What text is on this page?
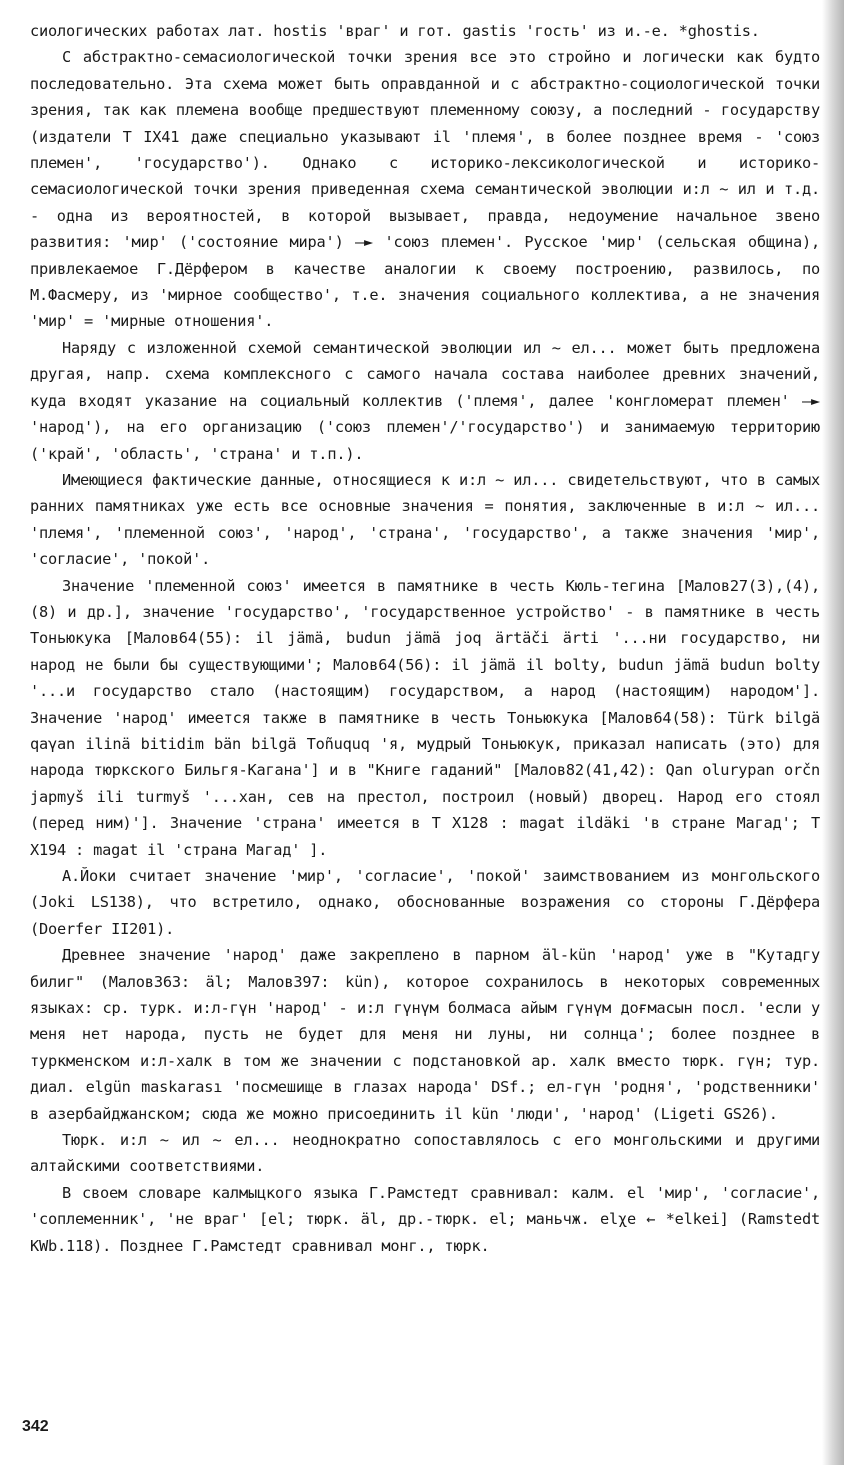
сиологических работах лат. hostis 'враг' и гот. gastis 'гость' из и.-е. *ghostis.

С абстрактно-семасиологической точки зрения все это стройно и логически как будто последовательно. Эта схема может быть оправданной и с абстрактно-социологической точки зрения, так как племена вообще предшествуют племенному союзу, а последний - государству (издатели Т IX41 даже специально указывают il 'племя', в более позднее время - 'союз племен', 'государство'). Однако с историко-лексикологической и историко-семасиологической точки зрения приведенная схема семантической эволюции и:л ~ ил и т.д. - одна из вероятностей, в которой вызывает, правда, недоумение начальное звено развития: 'мир' ('состояние мира') —► 'союз племен'. Русское 'мир' (сельская община), привлекаемое Г.Дёрфером в качестве аналогии к своему построению, развилось, по М.Фасмеру, из 'мирное сообщество', т.е. значения социального коллектива, а не значения 'мир' = 'мирные отношения'.

Наряду с изложенной схемой семантической эволюции ил ~ ел... может быть предложена другая, напр. схема комплексного с самого начала состава наиболее древних значений, куда входят указание на социальный коллектив ('племя', далее 'конгломерат племен' —► 'народ'), на его организацию ('союз племен'/'государство') и занимаемую территорию ('край', 'область', 'страна' и т.п.).

Имеющиеся фактические данные, относящиеся к и:л ~ ил... свидетельствуют, что в самых ранних памятниках уже есть все основные значения = понятия, заключенные в и:л ~ ил... 'племя', 'племенной союз', 'народ', 'страна', 'государство', а также значения 'мир', 'согласие', 'покой'.

Значение 'племенной союз' имеется в памятнике в честь Кюль-тегина [Малов27(3),(4),(8) и др.], значение 'государство', 'государственное устройство' - в памятнике в честь Тоньюкука [Малов64(55): il jämä, budun jämä joq ärtäči ärti '...ни государство, ни народ не были бы существующими'; Малов64(56): il jämä il bolty, budun jämä budun bolty '...и государство стало (настоящим) государством, а народ (настоящим) народом']. Значение 'народ' имеется также в памятнике в честь Тоньюкука [Малов64(58): Türk bilgä qaγan ilinä bitidim bän bilgä Toñuquq 'я, мудрый Тоньюкук, приказал написать (это) для народа тюркского Бильгя-Кагана'] и в "Книге гаданий" [Малов82(41,42): Qan olurypan orčn japmyš ili turmyš '...хан, сев на престол, построил (новый) дворец. Народ его стоял (перед ним)']. Значение 'страна' имеется в Т X128 : magat ildäki 'в стране Магад'; Т X194 : magat il 'страна Магад' ].

А.Йоки считает значение 'мир', 'согласие', 'покой' заимствованием из монгольского (Joki LS138), что встретило, однако, обоснованные возражения со стороны Г.Дёрфера (Doerfer II201).

Древнее значение 'народ' даже закреплено в парном äl-kün 'народ' уже в "Кутадгу билиг" (Малов363: äl; Малов397: kün), которое сохранилось в некоторых современных языках: ср. турк. и:л-гүн 'народ' - и:л гүнүм болмаса айым гүнүм доғмасын посл. 'если у меня нет народа, пусть не будет для меня ни луны, ни солнца'; более позднее в туркменском и:л-халк в том же значении с подстановкой ар. халк вместо тюрк. гүн; тур. диал. elgün maskarası 'посмешище в глазах народа' DSf.; ел-гүн 'родня', 'родственники' в азербайджанском; сюда же можно присоединить il kün 'люди', 'народ' (Ligeti GS26).

Тюрк. и:л ~ ил ~ ел... неоднократно сопоставлялось с его монгольскими и другими алтайскими соответствиями.

В своем словаре калмыцкого языка Г.Рамстедт сравнивал: калм. el 'мир', 'согласие', 'соплеменник', 'не враг' [el; тюрк. äl, др.-тюрк. el; маньчж. elχe ← *elkei] (Ramstedt KWb.118). Позднее Г.Рамстедт сравнивал монг., тюрк.

342
